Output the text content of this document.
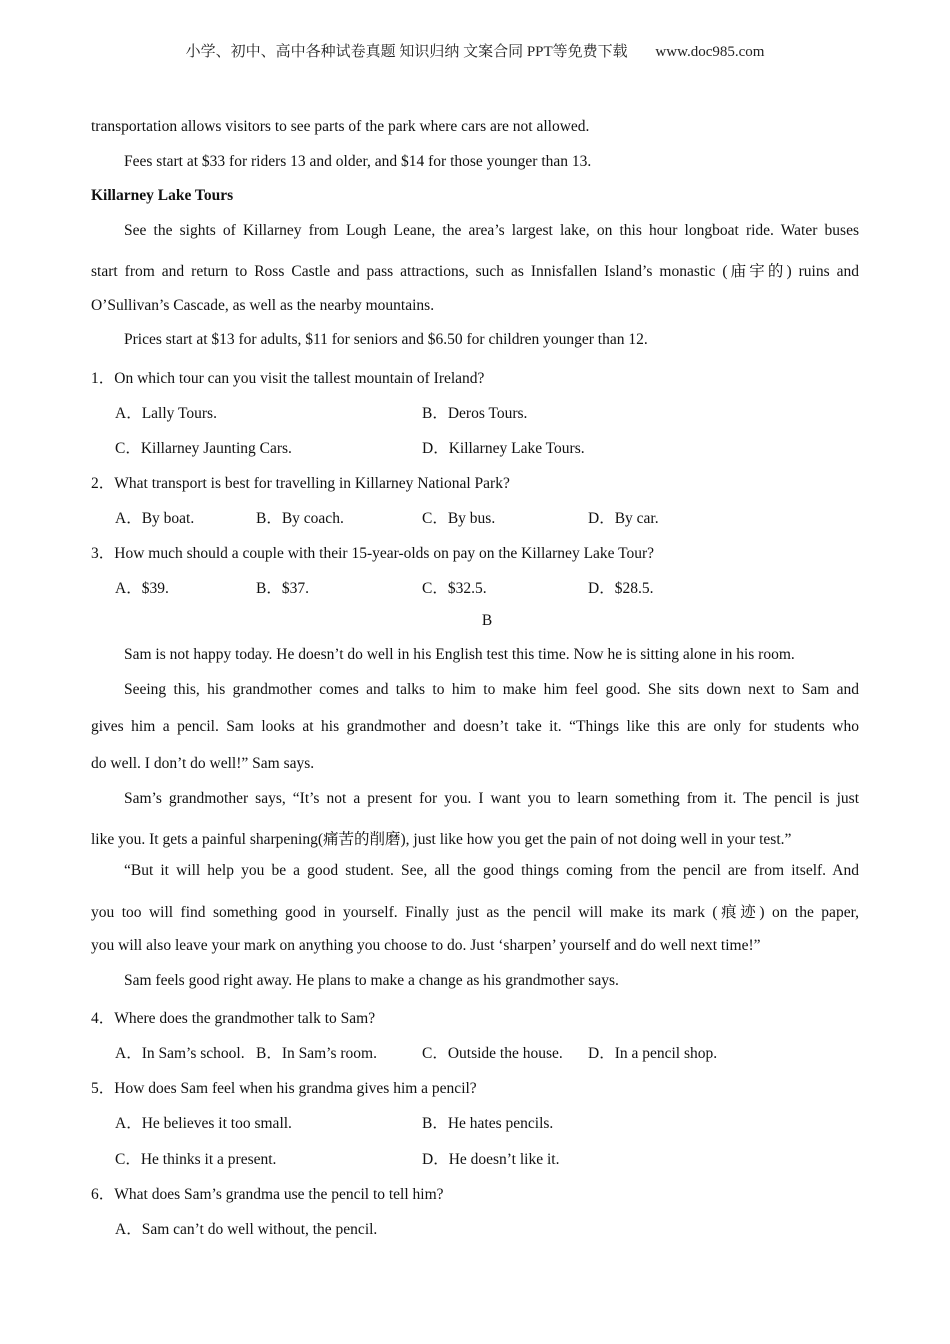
小学、初中、高中各种试卷真题 知识归纳 文案合同 PPT等免费下载 www.doc985.com
transportation allows visitors to see parts of the park where cars are not allowed.
Fees start at $33 for riders 13 and older, and $14 for those younger than 13.
Killarney Lake Tours
See the sights of Killarney from Lough Leane, the area’s largest lake, on this hour longboat ride. Water buses
start from and return to Ross Castle and pass attractions, such as Innisfallen Island’s monastic (庙宇的) ruins and
O’Sullivan’s Cascade, as well as the nearby mountains.
Prices start at $13 for adults, $11 for seniors and $6.50 for children younger than 12.
1．On which tour can you visit the tallest mountain of Ireland?
A．Lally Tours.	B．Deros Tours.
C．Killarney Jaunting Cars.	D．Killarney Lake Tours.
2．What transport is best for travelling in Killarney National Park?
A．By boat.	B．By coach.	C．By bus.	D．By car.
3．How much should a couple with their 15-year-olds on pay on the Killarney Lake Tour?
A．$39.	B．$37.	C．$32.5.	D．$28.5.
B
Sam is not happy today. He doesn’t do well in his English test this time. Now he is sitting alone in his room.
Seeing this, his grandmother comes and talks to him to make him feel good. She sits down next to Sam and
gives him a pencil. Sam looks at his grandmother and doesn’t take it. “Things like this are only for students who
do well. I don’t do well!” Sam says.
Sam’s grandmother says, “It’s not a present for you. I want you to learn something from it. The pencil is just
like you. It gets a painful sharpening(痛苦的削磨), just like how you get the pain of not doing well in your test.”
“But it will help you be a good student. See, all the good things coming from the pencil are from itself. And
you too will find something good in yourself. Finally just as the pencil will make its mark (痕迹) on the paper,
you will also leave your mark on anything you choose to do. Just ‘sharpen’ yourself and do well next time!”
Sam feels good right away. He plans to make a change as his grandmother says.
4．Where does the grandmother talk to Sam?
A．In Sam’s school. B．In Sam’s room.	C．Outside the house. D．In a pencil shop.
5．How does Sam feel when his grandma gives him a pencil?
A．He believes it too small.	B．He hates pencils.
C．He thinks it a present.	D．He doesn’t like it.
6．What does Sam’s grandma use the pencil to tell him?
A．Sam can’t do well without, the pencil.
